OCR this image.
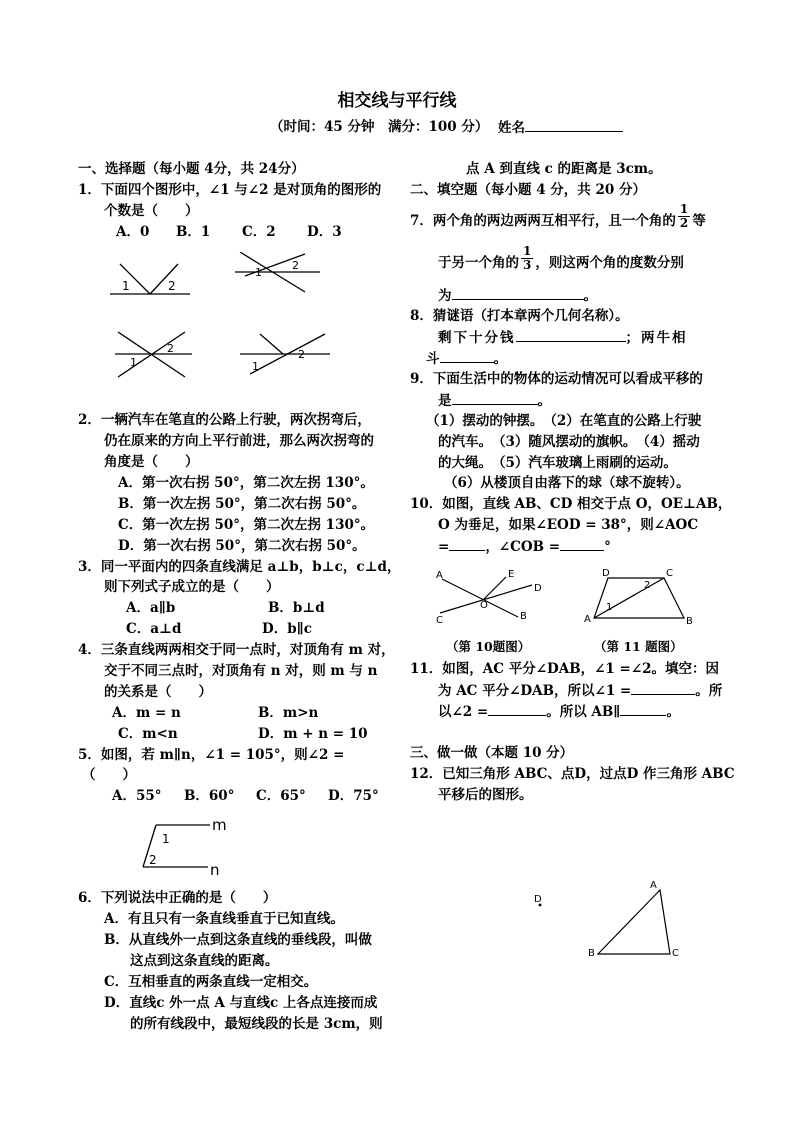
相交线与平行线
（时间：45 分钟 满分：100 分） 姓名
一、选择题（每小题 4分，共 24分）
1．下面四个图形中，∠1 与∠2 是对顶角的图形的
个数是（　　）
A．0 B．1 C．2 D．3
1	2
1
2
1
2
1
2
2．一辆汽车在笔直的公路上行驶，两次拐弯后，
仍在原来的方向上平行前进，那么两次拐弯的
角度是（　　）
A．第一次右拐 50°，第二次左拐 130°。
B．第一次左拐 50°，第二次右拐 50°。
C．第一次左拐 50°，第二次左拐 130°。
D．第一次右拐 50°，第二次右拐 50°。
3．同一平面内的四条直线满足 a⊥b，b⊥c，c⊥d，
则下列式子成立的是（　　）
A．a∥b	B．b⊥d
C．a⊥d	D．b∥c
4．三条直线两两相交于同一点时，对顶角有 m 对，
交于不同三点时，对顶角有 n 对，则 m 与 n
的关系是（　　）
A．m = n	B．m>n
C．m<n	D．m + n = 10
5．如图，若 m∥n，∠1 = 105°，则∠2 =
（　　）
A．55° B．60° C．65° D．75°
m
n
1
2
6．下列说法中正确的是（　　）
A．有且只有一条直线垂直于已知直线。
B．从直线外一点到这条直线的垂线段，叫做
这点到这条直线的距离。
C．互相垂直的两条直线一定相交。
D．直线c 外一点 A 与直线c 上各点连接而成
的所有线段中，最短线段的长是 3cm，则
点 A 到直线 c 的距离是 3cm。
二、填空题（每小题 4 分，共 20 分）
7．两个角的两边两两互相平行，且一个角的 $\frac{1}{2}$ 等
于另一个角的 $\frac{1}{3}$ ，则这两个角的度数分别
为	。
8．猜谜语（打本章两个几何名称）。
剩下十分钱	；两牛相
斗	。
9．下面生活中的物体的运动情况可以看成平移的
是	。
（1）摆动的钟摆。　（2）在笔直的公路上行驶
的汽车。　（3）随风摆动的旗帜。　（4）摇动
的大绳。　（5）汽车玻璃上雨刷的运动。
（6）从楼顶自由落下的球（球不旋转）。
10．如图，直线 AB、CD 相交于点 O，OE⊥AB，
O 为垂足，如果∠EOD = 38°，则∠AOC
=	，∠COB =	°
A
B
C
D
E
O
（第 10题图）
D	C
A	B
1
2
（第 11 题图）
11．如图，AC 平分∠DAB，∠1 =∠2。填空：因
为 AC 平分∠DAB，所以∠1 =	。所
以∠2 =	。所以 AB∥	。
三、做一做（本题 10 分）
12．已知三角形 ABC、点D，过点D 作三角形 ABC
平移后的图形。
D
A
B	C
